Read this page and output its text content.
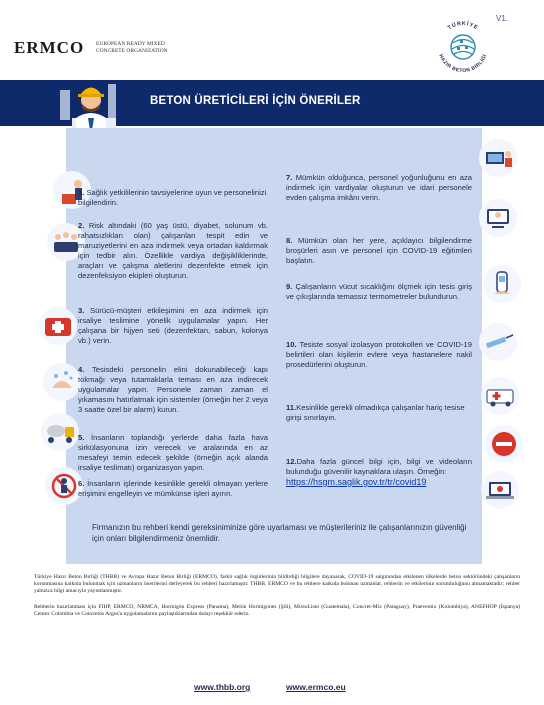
ERMCO EUROPEAN READY MIXED
CONCRETE ORGANIZATION
V1.
TÜRKİYE
HAZIR BETON BİRLİĞİ
BETON ÜRETİCİLERİ İÇİN ÖNERİLER
1. Sağlık yetkililerinin tavsiyelerine uyun ve personelinizi bilgilendirin.
2. Risk altındaki (60 yaş üstü, diyabet, solunum vb. rahatsızlıkları olan) çalışanları tespit edin ve maruziyetlerini en aza indirmek veya ortadan kaldırmak için tedbir alın. Özellikle vardiya değişikliklerinde, araçları ve çalışma aletlerini dezenfekte etmek için dezenfeksiyon ekipleri oluşturun.
3. Sürücü-müşteri etkileşimini en aza indirmek için irsaliye teslimine yönelik uygulamalar yapın. Her çalışana bir hijyen seti (dezenfektan, sabun, kolonya vb.) verin.
4. Tesisdeki personelin elini dokunabileceği kapı tokmağı veya tutamaklarla teması en aza indirecek uygulamalar yapın. Personele zaman zaman el yıkamasını hatırlatmak için sistemler (örneğin her 2 veya 3 saatte özel bir alarm) kurun.
5. İnsanların toplandığı yerlerde daha fazla hava sirkülasyonuna izin verecek ve aralarında en az mesafeyi temin edecek şekilde (örneğin açık alanda irsaliye teslimatı) organizasyon yapın.
6. İnsanların işlerinde kesinlikle gerekli olmayan yerlere erişimini engelleyin ve mümkünse işleri ayırın.
7. Mümkün olduğunca, personel yoğunluğunu en aza indirmek için vardiyalar oluşturun ve idari personele evden çalışma imkânı verin.
8. Mümkün olan her yere, açıklayıcı bilgilendirme broşürleri asın ve personel için COVID-19 eğitimleri başlatın.
9. Çalışanların vücut sıcaklığını ölçmek için tesis giriş ve çıkışlarında temassız termometreler bulundurun.
10. Tesiste sosyal izolasyon protokolleri ve COVID-19 belirtileri olan kişilerin evlere veya hastanelere nakil prosedürlerini oluşturun.
11.Kesinlikle gerekli olmadıkça çalışanlar hariç tesise girişi sınırlayın.
12.Daha fazla güncel bilgi için, bilgi ve videoların bulunduğu güvenilir kaynaklara ulaşın. Örneğin:
https://hsgm.saglik.gov.tr/tr/covid19
Firmanızın bu rehberi kendi gereksiniminize göre uyarlaması ve müşterileriniz ile çalışanlarınızın güvenliği için onları bilgilendirmeniz önemlidir.
Türkiye Hazır Beton Birliği (THBB) ve Avrupa Hazır Beton Birliği (ERMCO), farklı sağlık örgütlerinin bildirdiği bilgilere dayanarak, COVID-19 salgınından etkilenen ülkelerde beton sektöründeki çalışanların korunmasına katkıda bulunmak için uzmanların önerilerini derleyerek bu rehberi hazırlamıştır. THBB, ERMCO ve bu rehbere katkıda bulunan uzmanlar, rehberin ve etkilerinin sorumluluğunu almamaktadır; rehber yalnızca bilgi amacıyla yayımlanmıştır.
Rehberin hazırlanması için FIHP, ERMCO, NRMCA, Hormigón Express (Panama), Melón Hormigones (Şili), MixtoListo (Guatemala), Concret-Mix (Paraguay), Praeventio (Kolombiya), ANEFHOP (İspanya) Cemex Colombia ve Concretos Argos'a uygulamalarını paylaştıklarından dolayı teşekkür ederiz.
www.thbb.org	www.ermco.eu
